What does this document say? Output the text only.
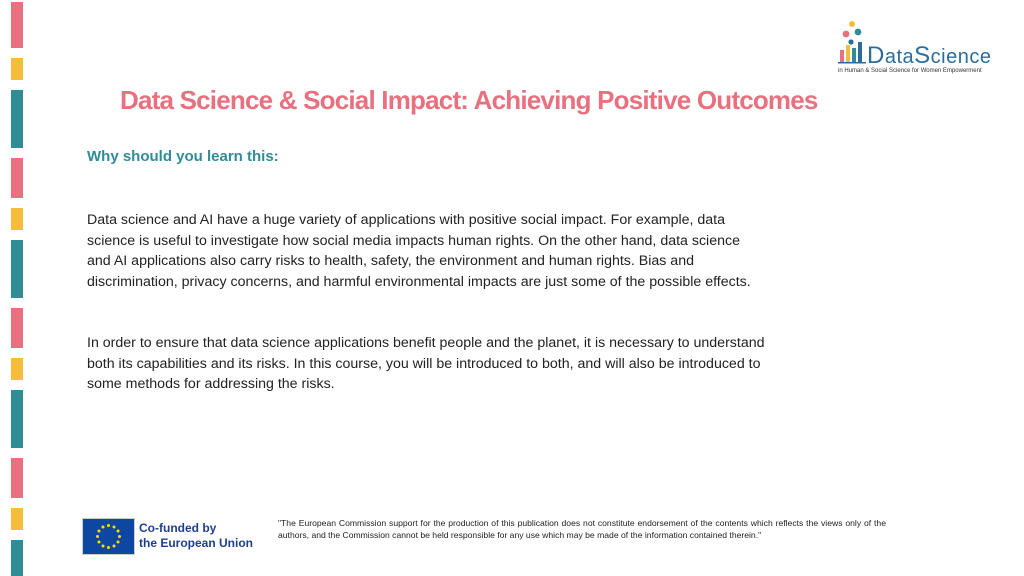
DataScience
in Human & Social Science for Women Empowerment
Data Science & Social Impact: Achieving Positive Outcomes
Why should you learn this:

Data science and AI have a huge variety of applications with positive social impact. For example, data science is useful to investigate how social media impacts human rights. On the other hand, data science and AI applications also carry risks to health, safety, the environment and human rights. Bias and discrimination, privacy concerns, and harmful environmental impacts are just some of the possible effects.

In order to ensure that data science applications benefit people and the planet, it is necessary to understand both its capabilities and its risks. In this course, you will be introduced to both, and will also be introduced to some methods for addressing the risks.

Co-funded by
the European Union

"The European Commission support for the production of this publication does not constitute endorsement of the contents which reflects the views only of the authors, and the Commission cannot be held responsible for any use which may be made of the information contained therein."
